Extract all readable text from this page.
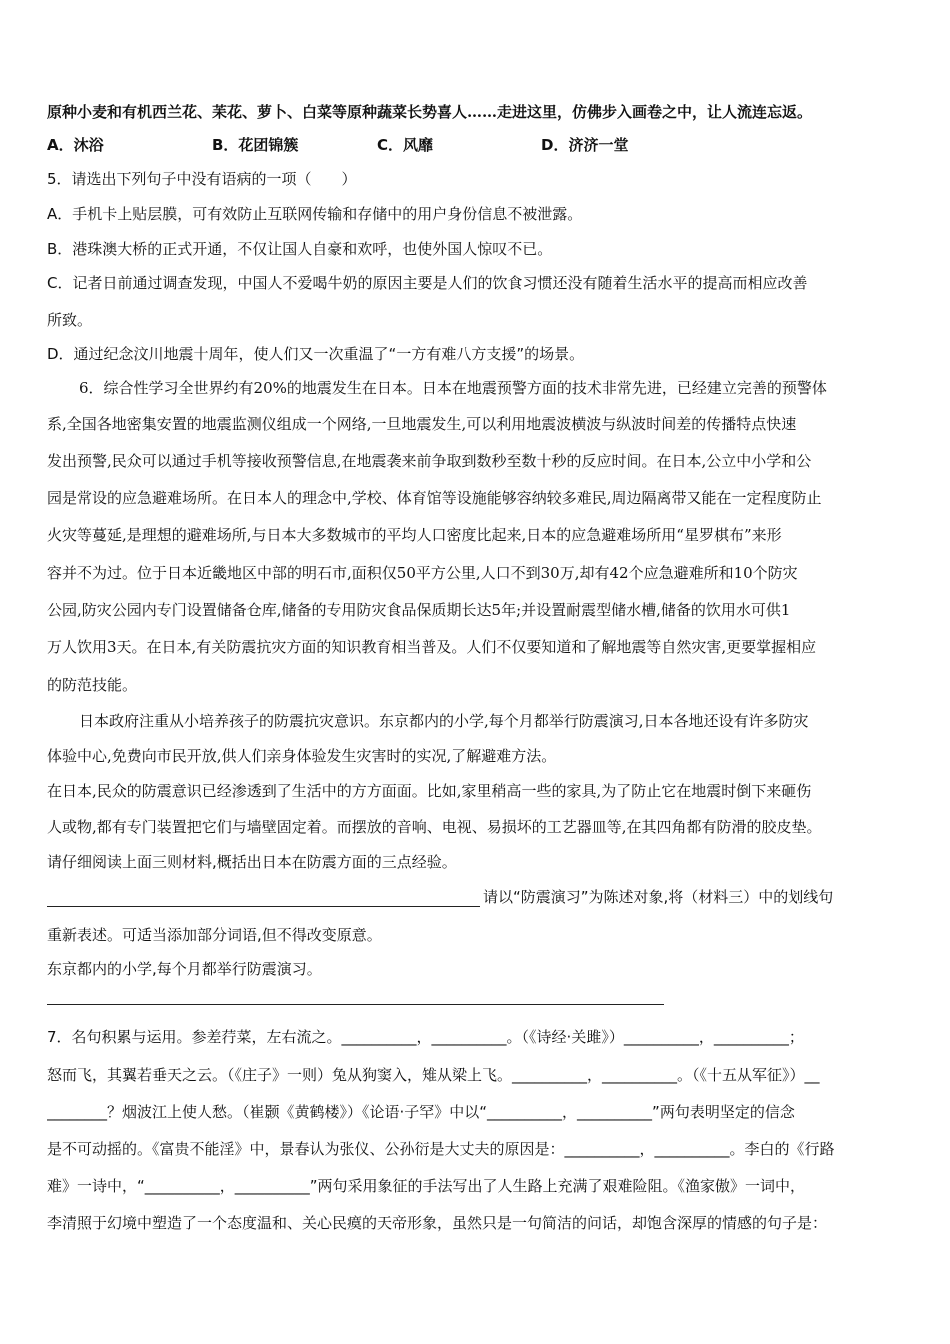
原种小麦和有机西兰花、苿花、萝卜、白菜等原种蔬菜长势喜人……走进这里，仿佛步入画卷之中，让人流连忘返。
A．沐浴	B．花团锦簇	C．风靡	D．济济一堂
5．请选出下列句子中没有语病的一项（　　）
A．手机卡上贴层膜，可有效防止互联网传输和存储中的用户身份信息不被泄露。
B．港珠澳大桥的正式开通，不仅让国人自豪和欢呼，也使外国人惊叹不已。
C．记者日前通过调查发现，中国人不爱喝牛奶的原因主要是人们的饮食习惯还没有随着生活水平的提高而相应改善
所致。
D．通过纪念汶川地震十周年，使人们又一次重温了“一方有难八方支援”的场景。
6．综合性学习全世界约有20%的地震发生在日本。日本在地震预警方面的技术非常先进，已经建立完善的预警体
系,全国各地密集安置的地震监测仪组成一个网络,一旦地震发生,可以利用地震波横波与纵波时间差的传播特点快速
发出预警,民众可以通过手机等接收预警信息,在地震袭来前争取到数秒至数十秒的反应时间。在日本,公立中小学和公
园是常设的应急避难场所。在日本人的理念中,学校、体育馆等设施能够容纳较多难民,周边隔离带又能在一定程度防止
火灾等蔓延,是理想的避难场所,与日本大多数城市的平均人口密度比起来,日本的应急避难场所用“星罗棋布”来形
容并不为过。位于日本近畿地区中部的明石市,面积仅50平方公里,人口不到30万,却有42个应急避难所和10个防灾
公园,防灾公园内专门设置储备仓库,储备的专用防灾食品保质期长达5年;并设置耐震型储水槽,储备的饮用水可供1
万人饮用3天。在日本,有关防震抗灾方面的知识教育相当普及。人们不仅要知道和了解地震等自然灾害,更要掌握相应
的防范技能。
日本政府注重从小培养孩子的防震抗灾意识。东京都内的小学,每个月都举行防震演习,日本各地还设有许多防灾
体验中心,免费向市民开放,供人们亲身体验发生灾害时的实况,了解避难方法。
在日本,民众的防震意识已经渗透到了生活中的方方面面。比如,家里稍高一些的家具,为了防止它在地震时倒下来砸伤
人或物,都有专门装置把它们与墙壁固定着。而摆放的音响、电视、易损坏的工艺器皿等,在其四角都有防滑的胶皮垫。
请仔细阅读上面三则材料,概括出日本在防震方面的三点经验。
请以“防震演习”为陈述对象,将（材料三）中的划线句
重新表述。可适当添加部分词语,但不得改变原意。
东京都内的小学,每个月都举行防震演习。
7．名句积累与运用。参差荇菜，左右流之。__________，__________。（《诗经·关雎》）__________，__________；
怒而飞，其翼若垂天之云。（《庄子》一则）兔从狗窦入，雉从梁上飞。__________，__________。（《十五从军征》）__
________？烟波江上使人愁。（崔颢《黄鹤楼》）《论语·子罕》中以“__________，__________”两句表明坚定的信念
是不可动摇的。《富贵不能淫》中，景春认为张仪、公孙衍是大丈夫的原因是：__________，__________。李白的《行路
难》一诗中，“__________，__________”两句采用象征的手法写出了人生路上充满了艰难险阻。《渔家傲》一词中，
李清照于幻境中塑造了一个态度温和、关心民瘼的天帝形象，虽然只是一句简洁的问话，却饱含深厚的情感的句子是：
